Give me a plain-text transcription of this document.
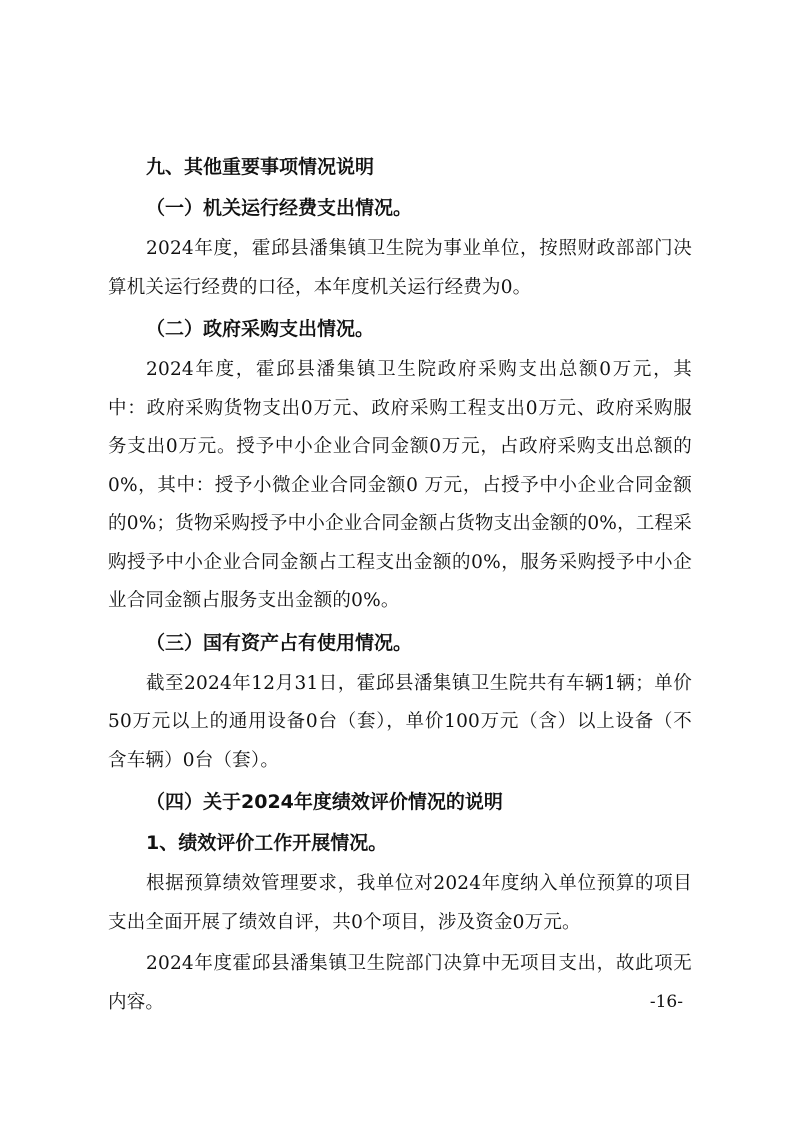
九、其他重要事项情况说明
（一）机关运行经费支出情况。

2024年度，霍邱县潘集镇卫生院为事业单位，按照财政部部门决算机关运行经费的口径，本年度机关运行经费为0。

（二）政府采购支出情况。

2024年度，霍邱县潘集镇卫生院政府采购支出总额0万元，其中：政府采购货物支出0万元、政府采购工程支出0万元、政府采购服务支出0万元。授予中小企业合同金额0万元，占政府采购支出总额的0%，其中：授予小微企业合同金额0 万元，占授予中小企业合同金额的0%；货物采购授予中小企业合同金额占货物支出金额的0%，工程采购授予中小企业合同金额占工程支出金额的0%，服务采购授予中小企业合同金额占服务支出金额的0%。

（三）国有资产占有使用情况。

截至2024年12月31日，霍邱县潘集镇卫生院共有车辆1辆；单价50万元以上的通用设备0台（套），单价100万元（含）以上设备（不含车辆）0台（套）。

（四）关于2024年度绩效评价情况的说明
1、绩效评价工作开展情况。

根据预算绩效管理要求，我单位对2024年度纳入单位预算的项目支出全面开展了绩效自评，共0个项目，涉及资金0万元。

2024年度霍邱县潘集镇卫生院部门决算中无项目支出，故此项无内容。	-16-
